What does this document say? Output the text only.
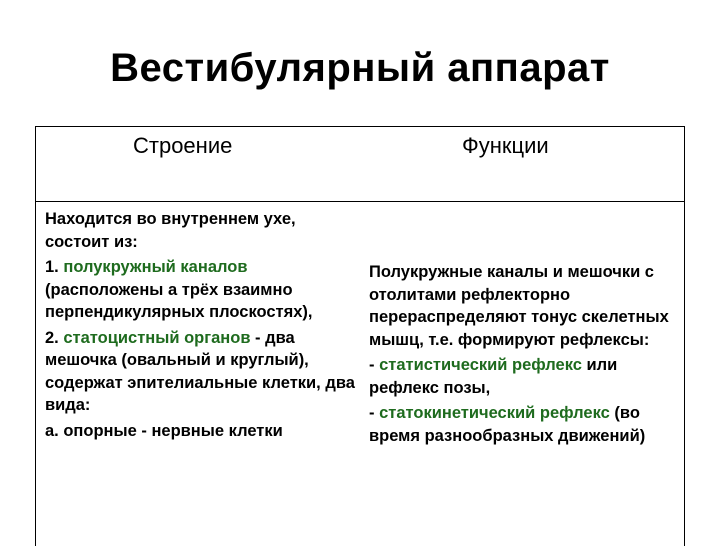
Вестибулярный аппарат
Строение	Функции

Находится во внутреннем ухе, состоит из:

1. полукружный каналов (расположены а трёх взаимно перпендикулярных плоскостях),

2. статоцистный органов - два мешочка (овальный и круглый), содержат эпителиальные клетки, два вида:

а. опорные - нервные клетки

Полукружные каналы и мешочки с отолитами рефлекторно перераспределяют тонус скелетных мышц, т.е. формируют рефлексы:

- статистический рефлекс или рефлекс позы,

- статокинетический рефлекс (во время разнообразных движений)
